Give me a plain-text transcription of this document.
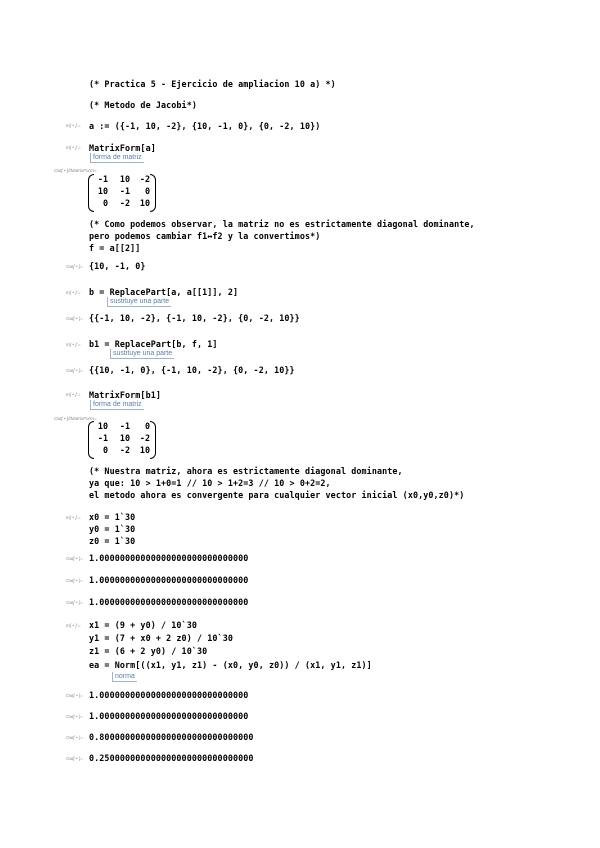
(* Practica 5 - Ejercicio de ampliacion 10 a) *)
(* Metodo de Jacobi*)
In[ • ]:= a := ({-1, 10, -2}, {10, -1, 0}, {0, -2, 10})
In[ • ]:= MatrixForm[a]
forma de matriz
Out[ • ]//MatrixForm=
-1	10	-2
10	-1	0
0	-2	10
(* Como podemos observar, la matriz no es estrictamente diagonal dominante,
pero podemos cambiar f1↔f2 y la convertimos*)
f = a[[2]]
Out[ • ]= {10, -1, 0}
In[ • ]:= b = ReplacePart[a, a[[1]], 2]
sustituye una parte
Out[ • ]= {{-1, 10, -2}, {-1, 10, -2}, {0, -2, 10}}
In[ • ]:= b1 = ReplacePart[b, f, 1]
sustituye una parte
Out[ • ]= {{10, -1, 0}, {-1, 10, -2}, {0, -2, 10}}
In[ • ]:= MatrixForm[b1]
forma de matriz
Out[ • ]//MatrixForm=
10	-1	0
-1	10	-2
0	-2	10
(* Nuestra matriz, ahora es estrictamente diagonal dominante,
ya que: 10 > 1+0=1 // 10 > 1+2=3 // 10 > 0+2=2,
el metodo ahora es convergente para cualquier vector inicial (x0,y0,z0)*)
In[ • ]:= x0 = 1`30
y0 = 1`30
z0 = 1`30
Out[ • ]= 1.00000000000000000000000000000
Out[ • ]= 1.00000000000000000000000000000
Out[ • ]= 1.00000000000000000000000000000
In[ • ]:= x1 = (9 + y0) / 10`30
y1 = (7 + x0 + 2 z0) / 10`30
z1 = (6 + 2 y0) / 10`30
ea = Norm[((x1, y1, z1) - (x0, y0, z0)) / (x1, y1, z1)]
norma
Out[ • ]= 1.00000000000000000000000000000
Out[ • ]= 1.00000000000000000000000000000
Out[ • ]= 0.800000000000000000000000000000
Out[ • ]= 0.250000000000000000000000000000
